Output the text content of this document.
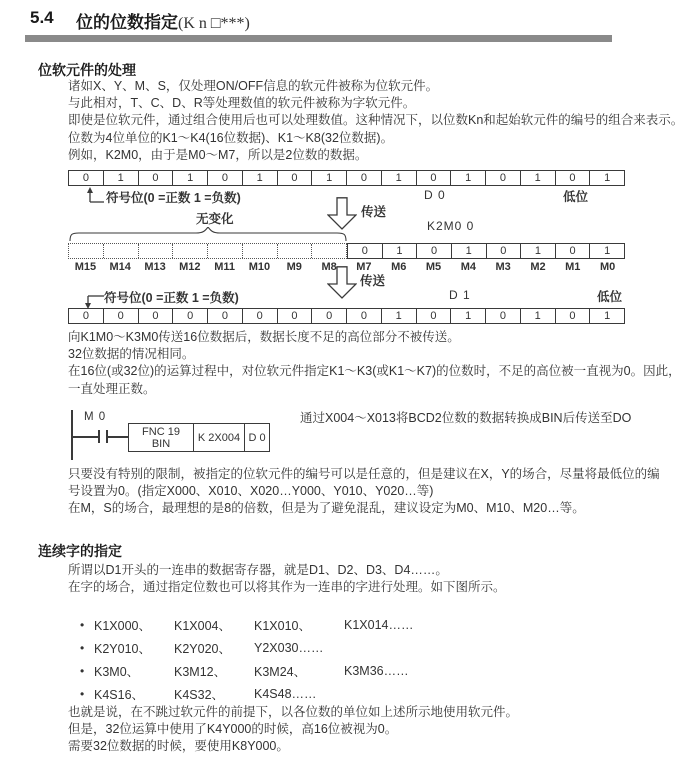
5.4 位的位数指定(K n □***)
位软元件的处理
诸如X、Y、M、S，仅处理ON/OFF信息的软元件被称为位软元件。
与此相对，T、C、D、R等处理数值的软元件被称为字软元件。
即使是位软元件，通过组合使用后也可以处理数值。这种情况下，以位数Kn和起始软元件的编号的组合来表示。
位数为4位单位的K1～K4(16位数据)、K1～K8(32位数据)。
例如，K2M0，由于是M0～M7，所以是2位数的数据。
0	1	0	1	0	1	0	1	0	1	0	1	0	1	0	1
符号位(0 =正数 1 =负数)	D 0	低位
传送
无变化	K2M0 0
0	1	0	1	0	1	0	1
M15	M14	M13	M12	M11	M10	M9	M8	M7	M6	M5	M4	M3	M2	M1	M0
传送
符号位(0 =正数 1 =负数)	D 1	低位
0	0	0	0	0	0	0	0	0	1	0	1	0	1	0	1
向K1M0～K3M0传送16位数据后，数据长度不足的高位部分不被传送。
32位数据的情况相同。
在16位(或32位)的运算过程中，对位软元件指定K1～K3(或K1～K7)的位数时，不足的高位被一直视为0。因此，
一直处理正数。
M 0
FNC 19
BIN	K 2X004 D 0
通过X004～X013将BCD2位数的数据转换成BIN后传送至DO
只要没有特别的限制，被指定的位软元件的编号可以是任意的，但是建议在X，Y的场合，尽量将最低位的编
号设置为0。(指定X000、X010、X020…Y000、Y010、Y020…等)
在M，S的场合，最理想的是8的倍数，但是为了避免混乱，建议设定为M0、M10、M20…等。
连续字的指定
所谓以D1开头的一连串的数据寄存器，就是D1、D2、D3、D4……。
在字的场合，通过指定位数也可以将其作为一连串的字进行处理。如下图所示。
• K1X000、	K1X004、	K1X010、	K1X014……
• K2Y010、	K2Y020、	Y2X030……
• K3M0、	K3M12、	K3M24、	K3M36……
• K4S16、	K4S32、	K4S48……
也就是说，在不跳过软元件的前提下，以各位数的单位如上述所示地使用软元件。
但是，32位运算中使用了K4Y000的时候，高16位被视为0。
需要32位数据的时候，要使用K8Y000。
